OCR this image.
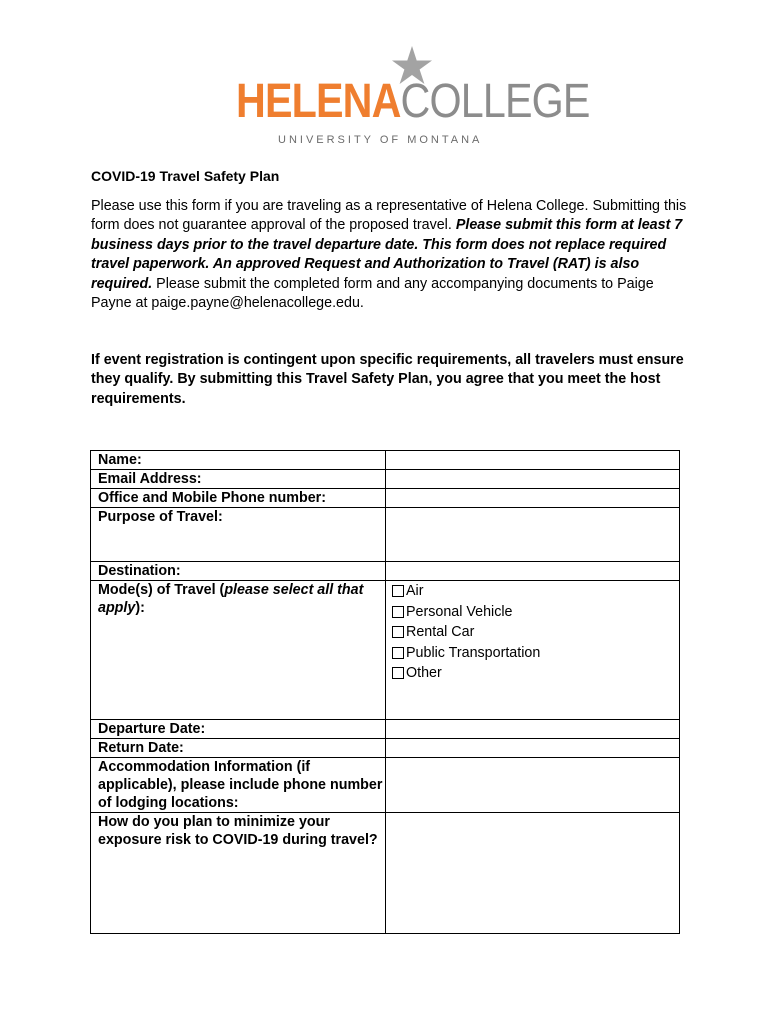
HELENACOLLEGE
UNIVERSITY OF MONTANA
COVID-19 Travel Safety Plan
Please use this form if you are traveling as a representative of Helena College. Submitting this form does not guarantee approval of the proposed travel. Please submit this form at least 7 business days prior to the travel departure date. This form does not replace required travel paperwork. An approved Request and Authorization to Travel (RAT) is also required. Please submit the completed form and any accompanying documents to Paige Payne at paige.payne@helenacollege.edu.
If event registration is contingent upon specific requirements, all travelers must ensure they qualify. By submitting this Travel Safety Plan, you agree that you meet the host requirements.
Name:	
Email Address:	
Office and Mobile Phone number:	
Purpose of Travel:	
Destination:	
Mode(s) of Travel (please select all that apply):	Air
Personal Vehicle
Rental Car
Public Transportation
Other

Departure Date:	
Return Date:	
Accommodation Information (if applicable), please include phone number of lodging locations:	
How do you plan to minimize your exposure risk to COVID-19 during travel?	
